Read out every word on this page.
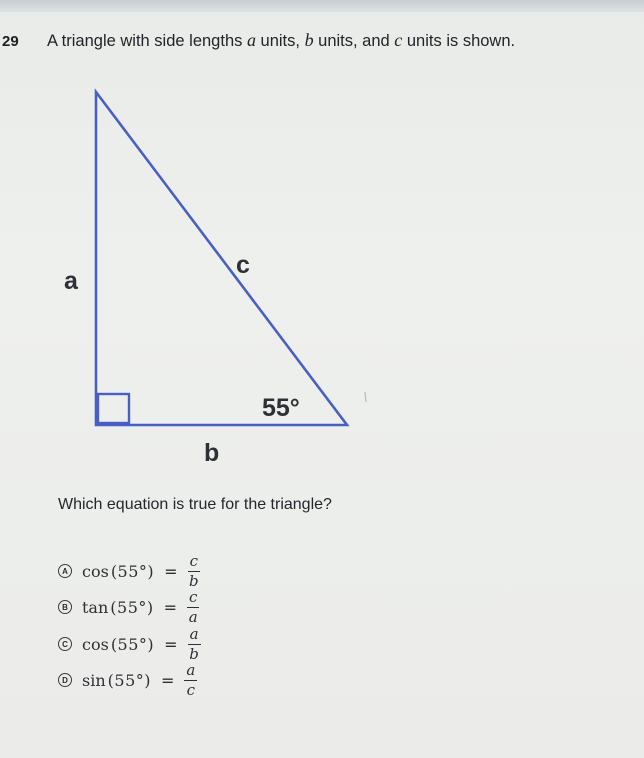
29 A triangle with side lengths a units, b units, and c units is shown.
a
c
55°
b
Which equation is true for the triangle?
A $\cos (55^\circ) = \frac{c}{b}$
B $\tan (55^\circ) = \frac{c}{a}$
C $\cos (55^\circ) = \frac{a}{b}$
D $\sin (55^\circ) = \frac{a}{c}$
